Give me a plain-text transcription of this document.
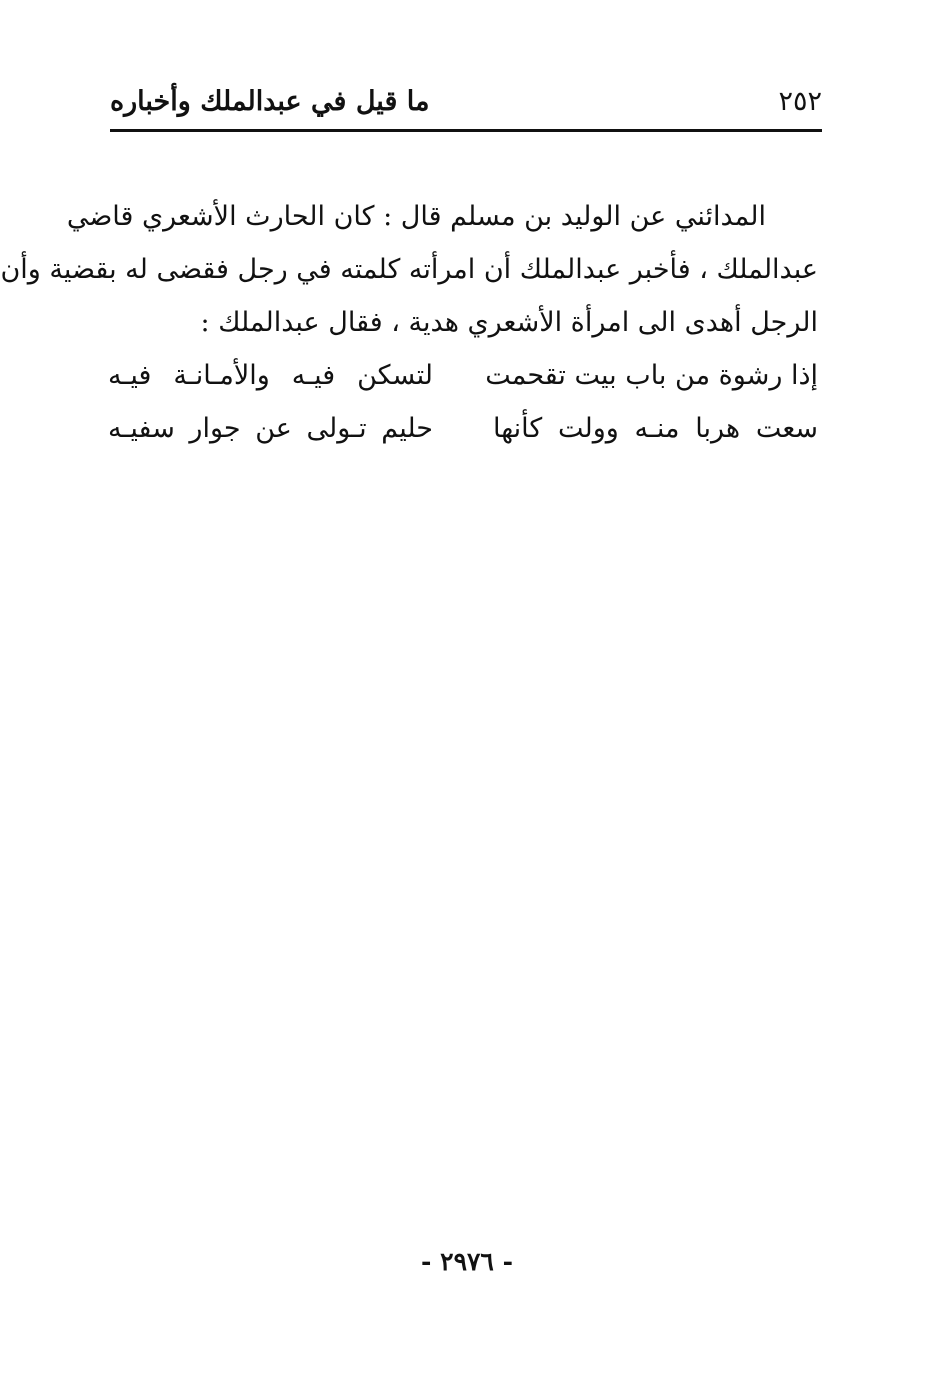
٢٥٢
ما قيل في عبدالملك وأخباره
المدائني عن الوليد بن مسلم قال : كان الحارث الأشعري قاضي
عبدالملك ، فأخبر عبدالملك أن امرأته كلمته في رجل فقضى له بقضية وأن
الرجل أهدى الى امرأة الأشعري هدية ، فقال عبدالملك :
إذا رشوة من باب بيت تقحمت
لتسكن فيـه والأمـانـة فيـه
سعت هربا منـه وولت كأنها
حليم تـولى عن جوار سفيـه
- ٢٩٧٦ -
